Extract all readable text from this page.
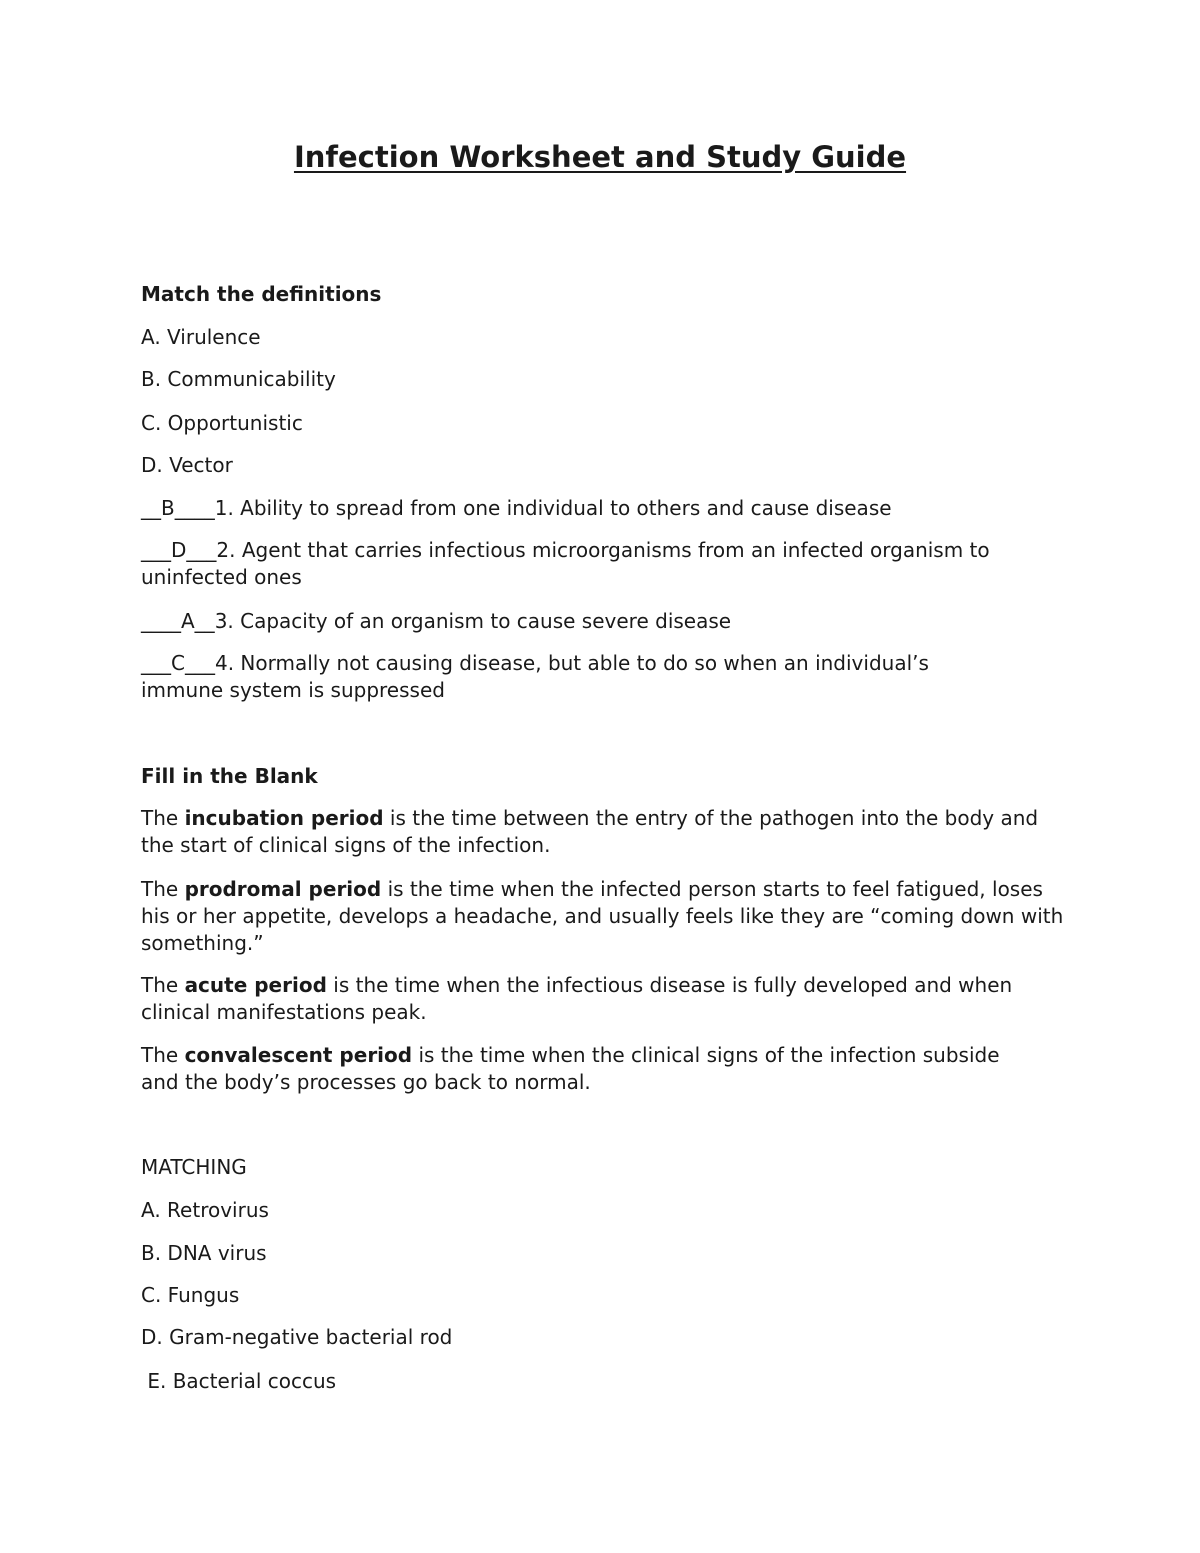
Infection Worksheet and Study Guide
Match the definitions
A. Virulence
B. Communicability
C. Opportunistic
D. Vector
__B____1. Ability to spread from one individual to others and cause disease
___D___2. Agent that carries infectious microorganisms from an infected organism to uninfected ones
____A__3. Capacity of an organism to cause severe disease
___C___4. Normally not causing disease, but able to do so when an individual’s immune system is suppressed
Fill in the Blank
The incubation period is the time between the entry of the pathogen into the body and the start of clinical signs of the infection.
The prodromal period is the time when the infected person starts to feel fatigued, loses his or her appetite, develops a headache, and usually feels like they are “coming down with something.”
The acute period is the time when the infectious disease is fully developed and when clinical manifestations peak.
The convalescent period is the time when the clinical signs of the infection subside and the body’s processes go back to normal.
MATCHING
A. Retrovirus
B. DNA virus
C. Fungus
D. Gram-negative bacterial rod
E. Bacterial coccus
